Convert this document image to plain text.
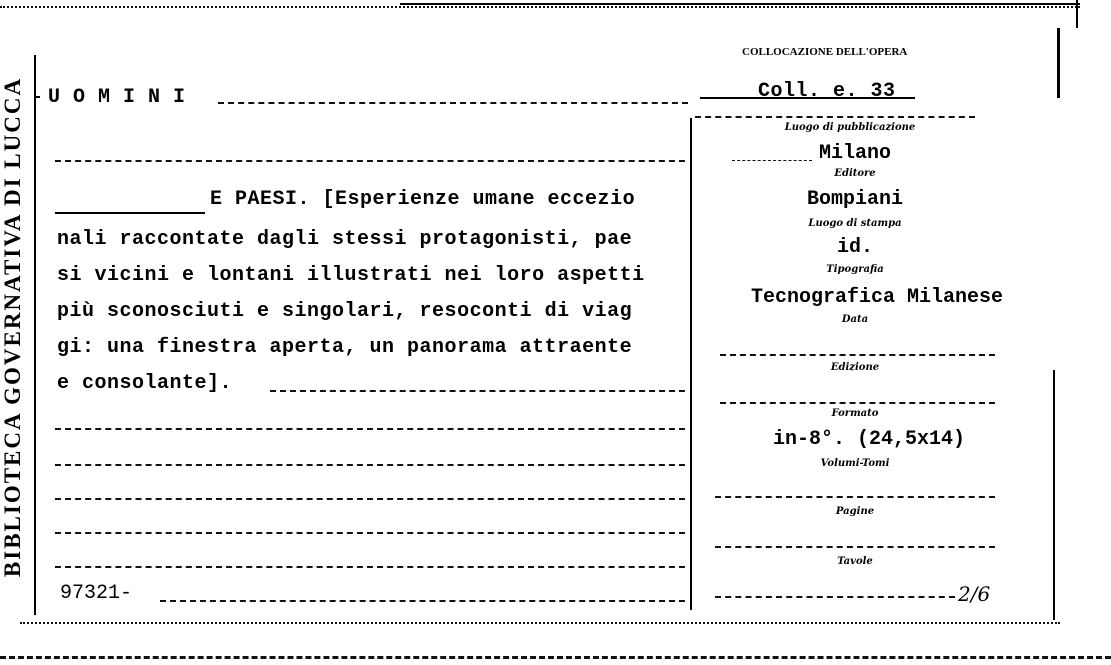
BIBLIOTECA GOVERNATIVA DI LUCCA
COLLOCAZIONE DELL'OPERA
UOMINI	Coll. e. 33
E PAESI. [Esperienze umane eccezio
nali raccontate dagli stessi protagonisti, pae
si vicini e lontani illustrati nei loro aspetti
più sconosciuti e singolari, resoconti di viag
gi: una finestra aperta, un panorama attraente
e consolante].
97321-
Luogo di pubblicazione
Milano
Editore
Bompiani
Luogo di stampa
id.
Tipografia
Tecnografica Milanese
Data
Edizione
Formato
in-8°. (24,5x14)
Volumi-Tomi
Pagine
Tavole
2/6
